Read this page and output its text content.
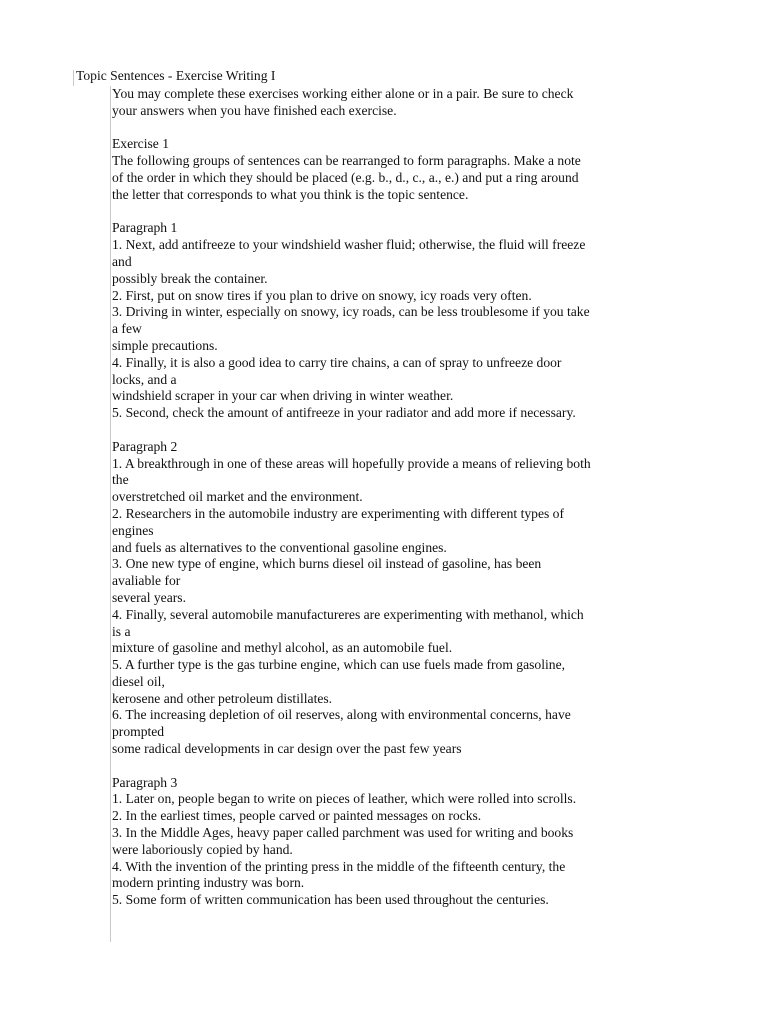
Topic Sentences - Exercise Writing I
You may complete these exercises working either alone or in a pair. Be sure to check
your answers when you have finished each exercise.
Exercise 1
The following groups of sentences can be rearranged to form paragraphs. Make a note
of the order in which they should be placed (e.g. b., d., c., a., e.) and put a ring around
the letter that corresponds to what you think is the topic sentence.
Paragraph 1
1. Next, add antifreeze to your windshield washer fluid; otherwise, the fluid will freeze
and
possibly break the container.
2. First, put on snow tires if you plan to drive on snowy, icy roads very often.
3. Driving in winter, especially on snowy, icy roads, can be less troublesome if you take
a few
simple precautions.
4. Finally, it is also a good idea to carry tire chains, a can of spray to unfreeze door
locks, and a
windshield scraper in your car when driving in winter weather.
5. Second, check the amount of antifreeze in your radiator and add more if necessary.
Paragraph 2
1. A breakthrough in one of these areas will hopefully provide a means of relieving both
the
overstretched oil market and the environment.
2. Researchers in the automobile industry are experimenting with different types of
engines
and fuels as alternatives to the conventional gasoline engines.
3. One new type of engine, which burns diesel oil instead of gasoline, has been
avaliable for
several years.
4. Finally, several automobile manufactureres are experimenting with methanol, which
is a
mixture of gasoline and methyl alcohol, as an automobile fuel.
5. A further type is the gas turbine engine, which can use fuels made from gasoline,
diesel oil,
kerosene and other petroleum distillates.
6. The increasing depletion of oil reserves, along with environmental concerns, have
prompted
some radical developments in car design over the past few years
Paragraph 3
1. Later on, people began to write on pieces of leather, which were rolled into scrolls.
2. In the earliest times, people carved or painted messages on rocks.
3. In the Middle Ages, heavy paper called parchment was used for writing and books
were laboriously copied by hand.
4. With the invention of the printing press in the middle of the fifteenth century, the
modern printing industry was born.
5. Some form of written communication has been used throughout the centuries.
